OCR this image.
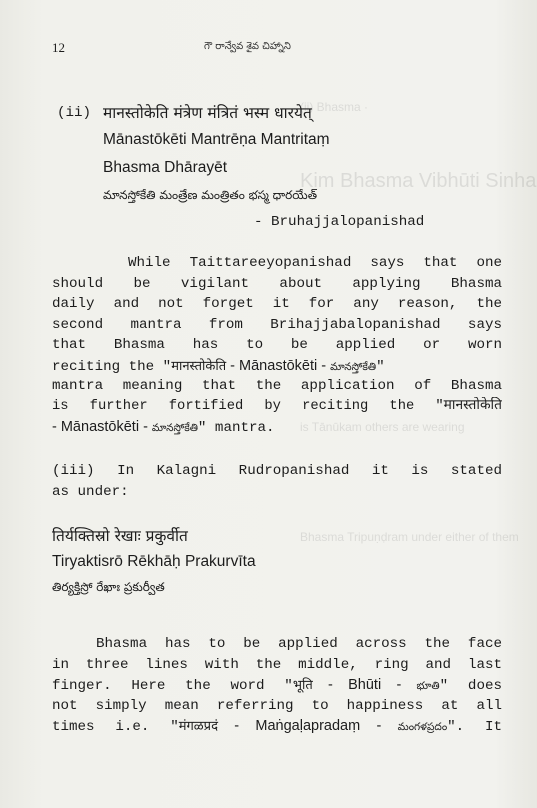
(ii) Bhasma ·
Kim Bhasma Vibhūti Sinha
is Tānūkam others are wearing
Bhasma Tripuṇḍram under either of them
12	గౌ రాన్వేవ శైవ చిహ్నాని
(ii) मानस्तोकेति मंत्रेण मंत्रितं भस्म धारयेत्
Mānastōkēti Mantrēṇa Mantritaṃ
Bhasma Dhārayēt
మానస్తోకేతి మంత్రేణ మంత్రితం భస్మ ధారయేత్
- Bruhajjalopanishad
While Taittareeyopanishad says that one
should be vigilant about applying Bhasma
daily and not forget it for any reason, the
second mantra from Brihajjabalopanishad says
that Bhasma has to be applied or worn
reciting the "मानस्तोकेति - Mānastōkēti - మానస్తోకేతి"
mantra meaning that the application of Bhasma
is further fortified by reciting the "मानस्तोकेति
- Mānastōkēti - మానస్తోకేతి" mantra.
(iii) In Kalagni Rudropanishad it is stated
as under:
तिर्यक्तिस्रो रेखाः प्रकुर्वीत
Tiryaktisrō Rēkhāḥ Prakurvīta
తిర్యక్తిస్రో రేఖాః ప్రకుర్వీత
Bhasma has to be applied across the face
in three lines with the middle, ring and last
finger. Here the word "भूति - Bhūti - భూతి" does
not simply mean referring to happiness at all
times i.e. "मंगळप्रदं - Maṅgaḷapradaṃ - మంగళప్రదం". It
